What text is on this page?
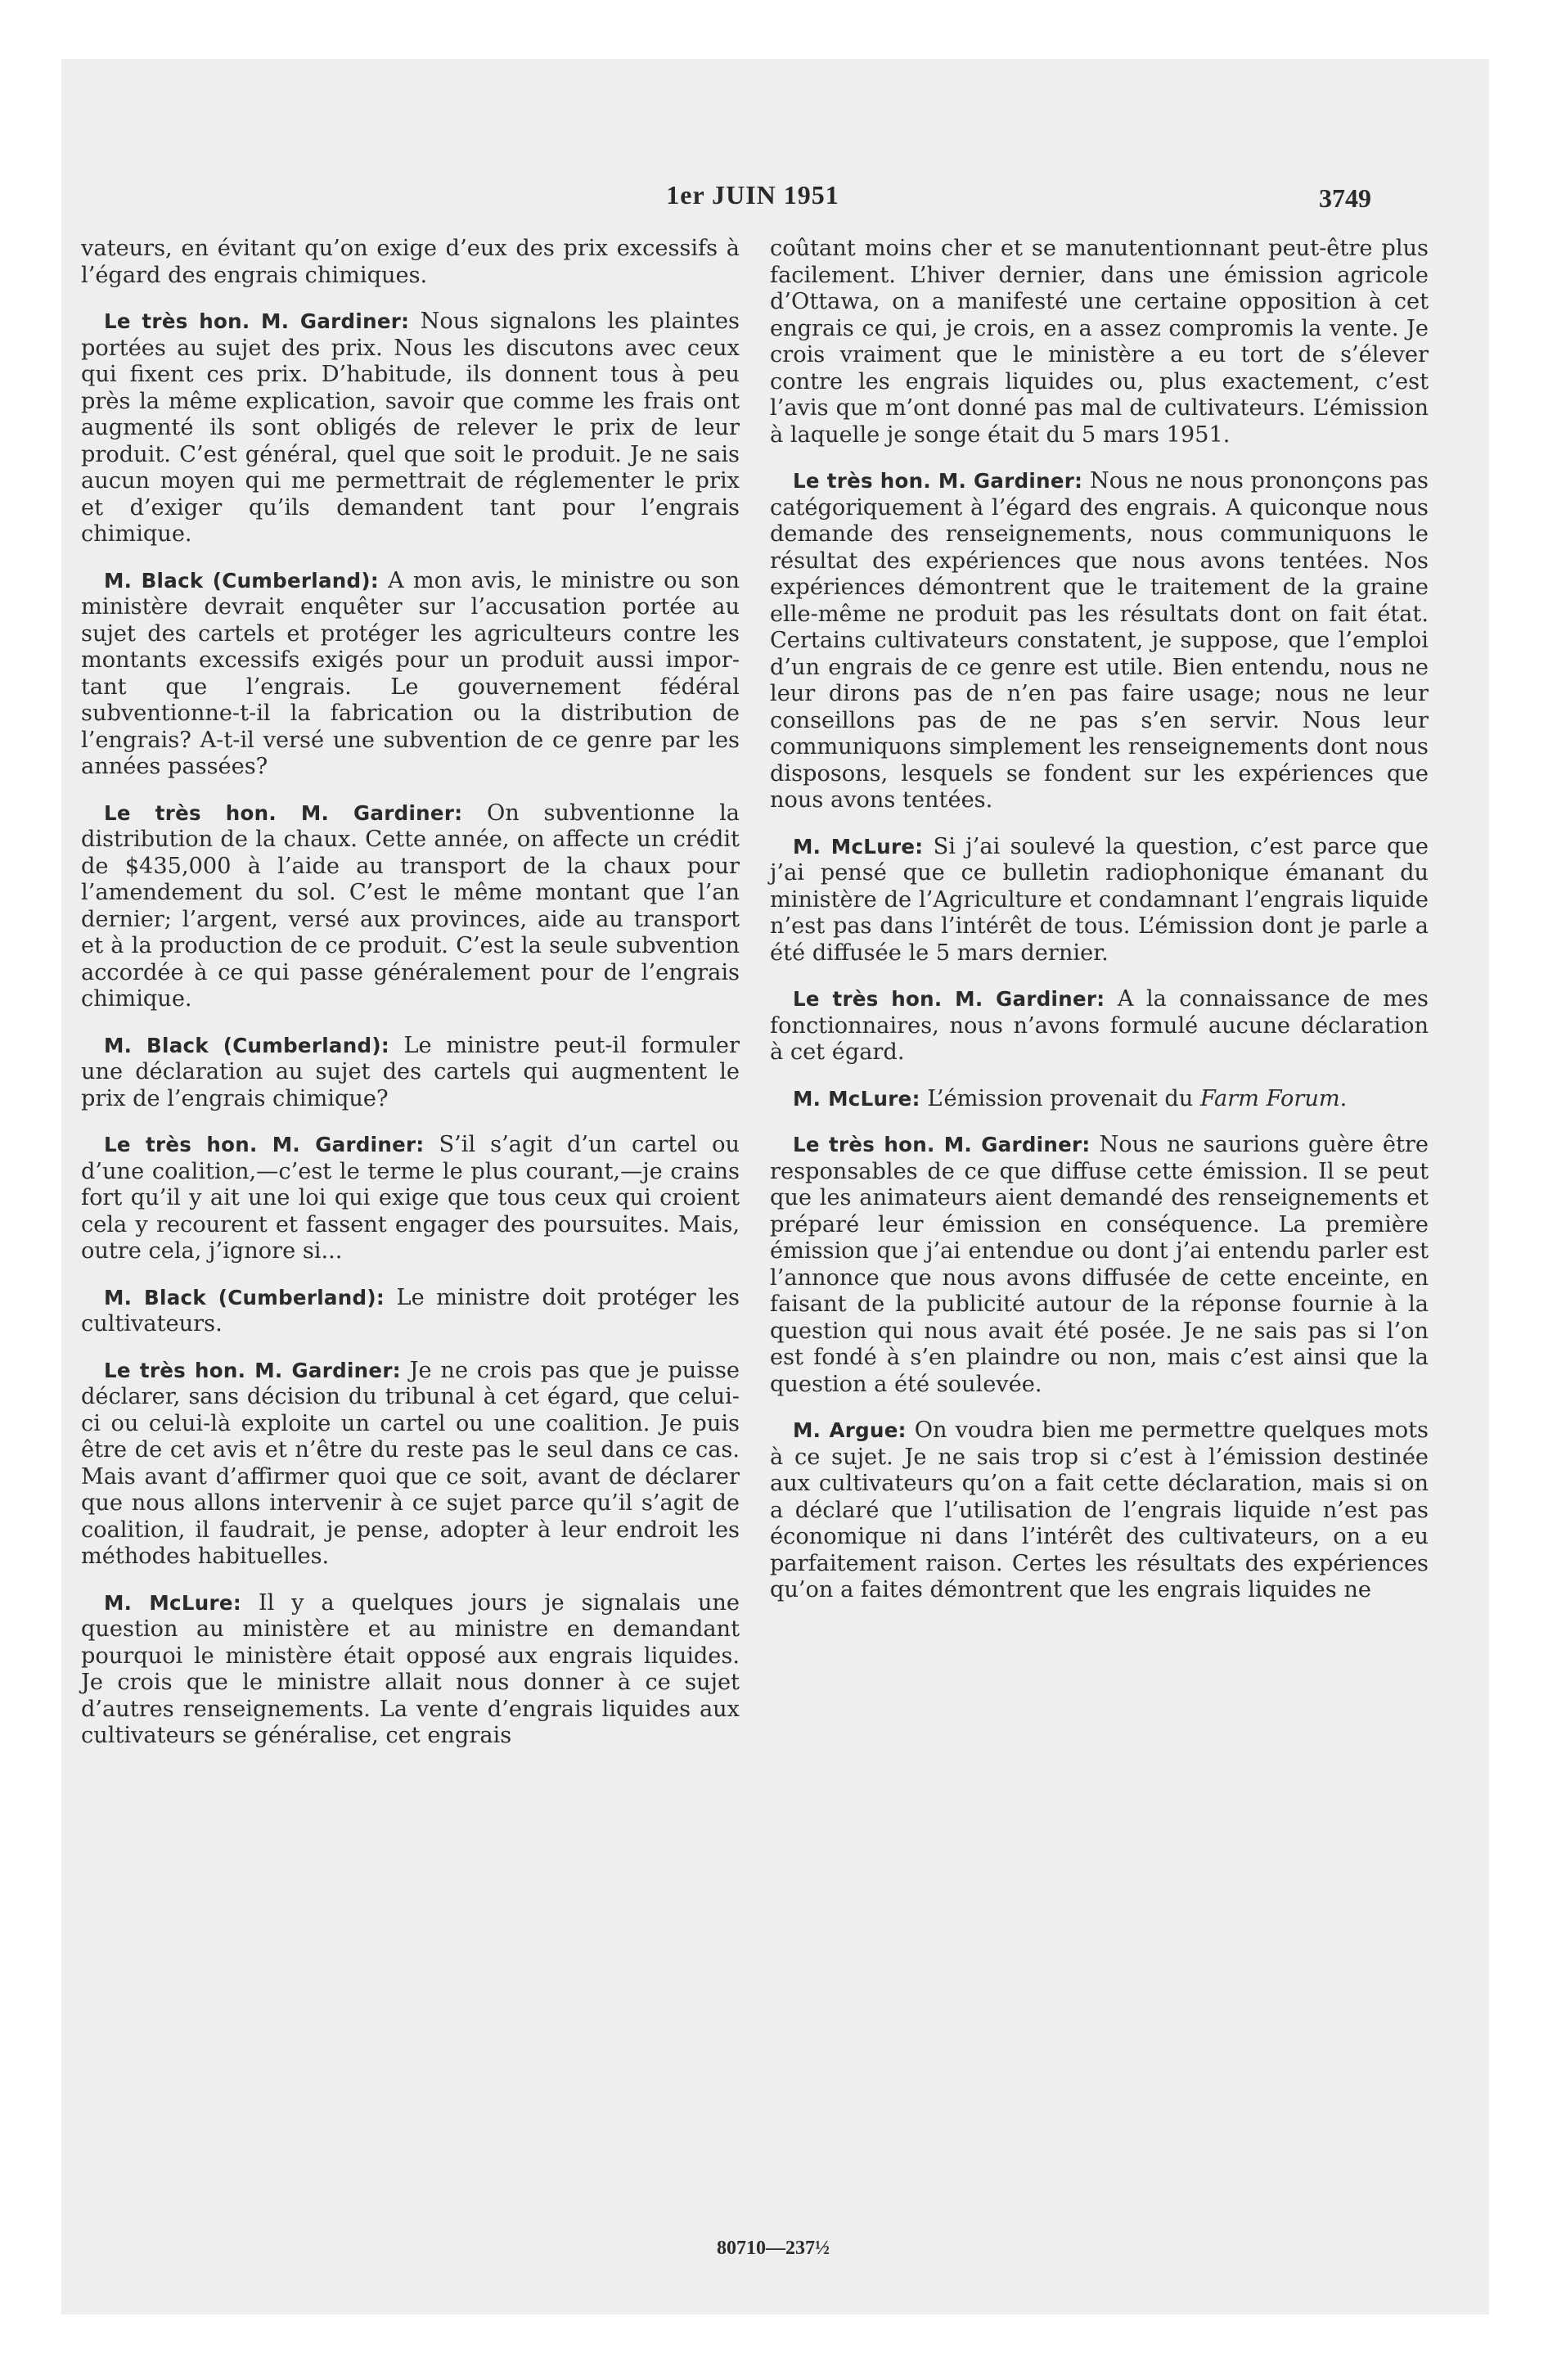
1er JUIN 1951	3749

vateurs, en évitant qu’on exige d’eux des prix excessifs à l’égard des engrais chimiques.

Le très hon. M. Gardiner: Nous signalons les plaintes portées au sujet des prix. Nous les discutons avec ceux qui fixent ces prix. D’habitude, ils donnent tous à peu près la même explication, savoir que comme les frais ont augmenté ils sont obligés de relever le prix de leur produit. C’est général, quel que soit le produit. Je ne sais aucun moyen qui me permettrait de réglementer le prix et d’exiger qu’ils demandent tant pour l’engrais chimique.

M. Black (Cumberland): A mon avis, le ministre ou son ministère devrait enquêter sur l’accusation portée au sujet des cartels et protéger les agriculteurs contre les montants excessifs exigés pour un produit aussi important que l’engrais. Le gouvernement fédéral subventionne-t-il la fabrication ou la distribution de l’engrais? A-t-il versé une subvention de ce genre par les années passées?

Le très hon. M. Gardiner: On subventionne la distribution de la chaux. Cette année, on affecte un crédit de $435,000 à l’aide au transport de la chaux pour l’amendement du sol. C’est le même montant que l’an dernier; l’argent, versé aux provinces, aide au transport et à la production de ce produit. C’est la seule subvention accordée à ce qui passe généralement pour de l’engrais chimique.

M. Black (Cumberland): Le ministre peut-il formuler une déclaration au sujet des cartels qui augmentent le prix de l’engrais chimique?

Le très hon. M. Gardiner: S’il s’agit d’un cartel ou d’une coalition,—c’est le terme le plus courant,—je crains fort qu’il y ait une loi qui exige que tous ceux qui croient cela y recourent et fassent engager des poursuites. Mais, outre cela, j’ignore si...

M. Black (Cumberland): Le ministre doit protéger les cultivateurs.

Le très hon. M. Gardiner: Je ne crois pas que je puisse déclarer, sans décision du tribunal à cet égard, que celui-ci ou celui-là exploite un cartel ou une coalition. Je puis être de cet avis et n’être du reste pas le seul dans ce cas. Mais avant d’affirmer quoi que ce soit, avant de déclarer que nous allons intervenir à ce sujet parce qu’il s’agit de coalition, il faudrait, je pense, adopter à leur endroit les méthodes habituelles.

M. McLure: Il y a quelques jours je signalais une question au ministère et au ministre en demandant pourquoi le ministère était opposé aux engrais liquides. Je crois que le ministre allait nous donner à ce sujet d’autres renseignements. La vente d’engrais liquides aux cultivateurs se généralise, cet engrais

coûtant moins cher et se manutentionnant peut-être plus facilement. L’hiver dernier, dans une émission agricole d’Ottawa, on a manifesté une certaine opposition à cet engrais ce qui, je crois, en a assez compromis la vente. Je crois vraiment que le ministère a eu tort de s’élever contre les engrais liquides ou, plus exactement, c’est l’avis que m’ont donné pas mal de cultivateurs. L’émission à laquelle je songe était du 5 mars 1951.

Le très hon. M. Gardiner: Nous ne nous prononçons pas catégoriquement à l’égard des engrais. A quiconque nous demande des renseignements, nous communiquons le résultat des expériences que nous avons tentées. Nos expériences démontrent que le traitement de la graine elle-même ne produit pas les résultats dont on fait état. Certains cultivateurs constatent, je suppose, que l’emploi d’un engrais de ce genre est utile. Bien entendu, nous ne leur dirons pas de n’en pas faire usage; nous ne leur conseillons pas de ne pas s’en servir. Nous leur communiquons simplement les renseignements dont nous disposons, lesquels se fondent sur les expériences que nous avons tentées.

M. McLure: Si j’ai soulevé la question, c’est parce que j’ai pensé que ce bulletin radiophonique émanant du ministère de l’Agriculture et condamnant l’engrais liquide n’est pas dans l’intérêt de tous. L’émission dont je parle a été diffusée le 5 mars dernier.

Le très hon. M. Gardiner: A la connaissance de mes fonctionnaires, nous n’avons formulé aucune déclaration à cet égard.

M. McLure: L’émission provenait du Farm Forum.

Le très hon. M. Gardiner: Nous ne saurions guère être responsables de ce que diffuse cette émission. Il se peut que les animateurs aient demandé des renseignements et préparé leur émission en conséquence. La première émission que j’ai entendue ou dont j’ai entendu parler est l’annonce que nous avons diffusée de cette enceinte, en faisant de la publicité autour de la réponse fournie à la question qui nous avait été posée. Je ne sais pas si l’on est fondé à s’en plaindre ou non, mais c’est ainsi que la question a été soulevée.

M. Argue: On voudra bien me permettre quelques mots à ce sujet. Je ne sais trop si c’est à l’émission destinée aux cultivateurs qu’on a fait cette déclaration, mais si on a déclaré que l’utilisation de l’engrais liquide n’est pas économique ni dans l’intérêt des cultivateurs, on a eu parfaitement raison. Certes les résultats des expériences qu’on a faites démontrent que les engrais liquides ne

80710—237½
